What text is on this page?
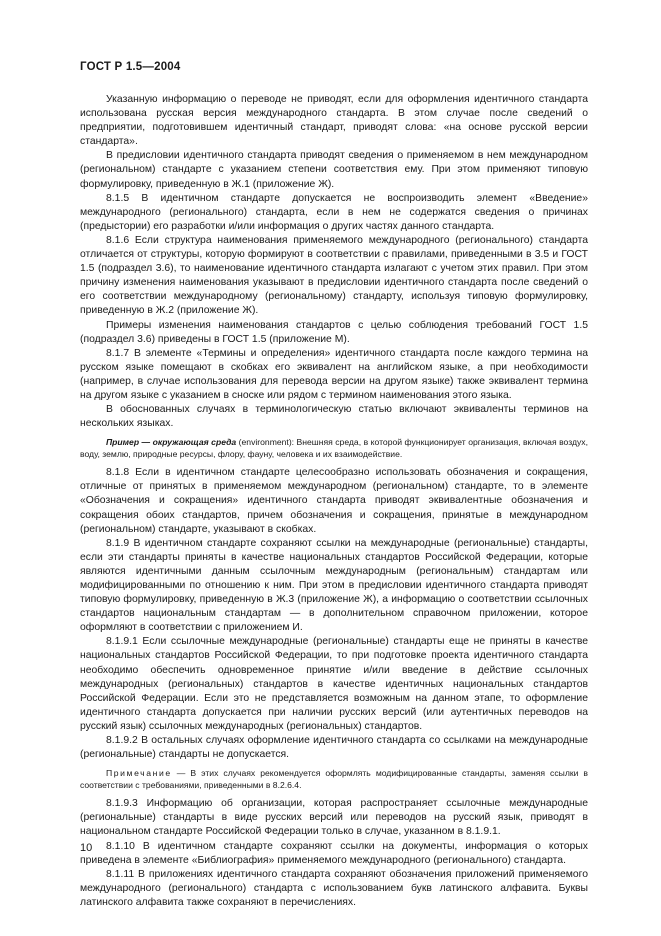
ГОСТ Р 1.5—2004

Указанную информацию о переводе не приводят, если для оформления идентичного стандарта использована русская версия международного стандарта. В этом случае после сведений о предприятии, подготовившем идентичный стандарт, приводят слова: «на основе русской версии стандарта».

В предисловии идентичного стандарта приводят сведения о применяемом в нем международном (региональном) стандарте с указанием степени соответствия ему. При этом применяют типовую формулировку, приведенную в Ж.1 (приложение Ж).

8.1.5 В идентичном стандарте допускается не воспроизводить элемент «Введение» международного (регионального) стандарта, если в нем не содержатся сведения о причинах (предыстории) его разработки и/или информация о других частях данного стандарта.

8.1.6 Если структура наименования применяемого международного (регионального) стандарта отличается от структуры, которую формируют в соответствии с правилами, приведенными в 3.5 и ГОСТ 1.5 (подраздел 3.6), то наименование идентичного стандарта излагают с учетом этих правил. При этом причину изменения наименования указывают в предисловии идентичного стандарта после сведений о его соответствии международному (региональному) стандарту, используя типовую формулировку, приведенную в Ж.2 (приложение Ж).

Примеры изменения наименования стандартов с целью соблюдения требований ГОСТ 1.5 (подраздел 3.6) приведены в ГОСТ 1.5 (приложение М).

8.1.7 В элементе «Термины и определения» идентичного стандарта после каждого термина на русском языке помещают в скобках его эквивалент на английском языке, а при необходимости (например, в случае использования для перевода версии на другом языке) также эквивалент термина на другом языке с указанием в сноске или рядом с термином наименования этого языка.

В обоснованных случаях в терминологическую статью включают эквиваленты терминов на нескольких языках.

Пример — окружающая среда (environment): Внешняя среда, в которой функционирует организация, включая воздух, воду, землю, природные ресурсы, флору, фауну, человека и их взаимодействие.

8.1.8 Если в идентичном стандарте целесообразно использовать обозначения и сокращения, отличные от принятых в применяемом международном (региональном) стандарте, то в элементе «Обозначения и сокращения» идентичного стандарта приводят эквивалентные обозначения и сокращения обоих стандартов, причем обозначения и сокращения, принятые в международном (региональном) стандарте, указывают в скобках.

8.1.9 В идентичном стандарте сохраняют ссылки на международные (региональные) стандарты, если эти стандарты приняты в качестве национальных стандартов Российской Федерации, которые являются идентичными данным ссылочным международным (региональным) стандартам или модифицированными по отношению к ним. При этом в предисловии идентичного стандарта приводят типовую формулировку, приведенную в Ж.3 (приложение Ж), а информацию о соответствии ссылочных стандартов национальным стандартам — в дополнительном справочном приложении, которое оформляют в соответствии с приложением И.

8.1.9.1 Если ссылочные международные (региональные) стандарты еще не приняты в качестве национальных стандартов Российской Федерации, то при подготовке проекта идентичного стандарта необходимо обеспечить одновременное принятие и/или введение в действие ссылочных международных (региональных) стандартов в качестве идентичных национальных стандартов Российской Федерации. Если это не представляется возможным на данном этапе, то оформление идентичного стандарта допускается при наличии русских версий (или аутентичных переводов на русский язык) ссылочных международных (региональных) стандартов.

8.1.9.2 В остальных случаях оформление идентичного стандарта со ссылками на международные (региональные) стандарты не допускается.

Примечание — В этих случаях рекомендуется оформлять модифицированные стандарты, заменяя ссылки в соответствии с требованиями, приведенными в 8.2.6.4.

8.1.9.3 Информацию об организации, которая распространяет ссылочные международные (региональные) стандарты в виде русских версий или переводов на русский язык, приводят в национальном стандарте Российской Федерации только в случае, указанном в 8.1.9.1.

8.1.10 В идентичном стандарте сохраняют ссылки на документы, информация о которых приведена в элементе «Библиография» применяемого международного (регионального) стандарта.

8.1.11 В приложениях идентичного стандарта сохраняют обозначения приложений применяемого международного (регионального) стандарта с использованием букв латинского алфавита. Буквы латинского алфавита также сохраняют в перечислениях.

10
